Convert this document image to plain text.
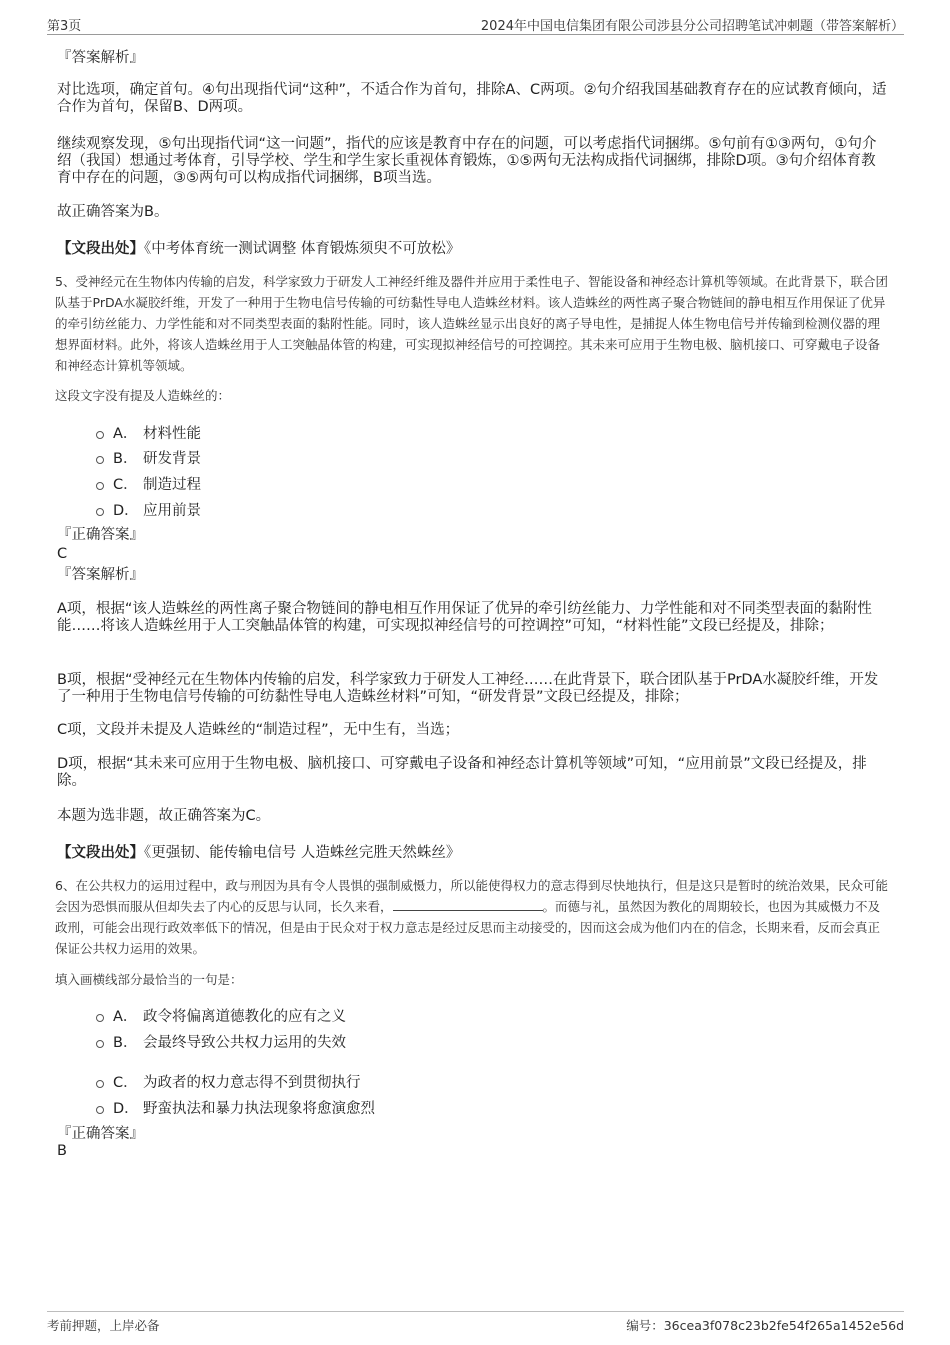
第3页	2024年中国电信集团有限公司涉县分公司招聘笔试冲刺题（带答案解析）
『答案解析』
对比选项，确定首句。④句出现指代词“这种”，不适合作为首句，排除A、C两项。②句介绍我国基础教育存在的应试教育倾向，适合作为首句，保留B、D两项。
继续观察发现，⑤句出现指代词“这一问题”，指代的应该是教育中存在的问题，可以考虑指代词捆绑。⑤句前有①③两句，①句介绍（我国）想通过考体育，引导学校、学生和学生家长重视体育锻炼，①⑤两句无法构成指代词捆绑，排除D项。③句介绍体育教育中存在的问题，③⑤两句可以构成指代词捆绑，B项当选。
故正确答案为B。
【文段出处】《中考体育统一测试调整 体育锻炼须臾不可放松》
5、受神经元在生物体内传输的启发，科学家致力于研发人工神经纤维及器件并应用于柔性电子、智能设备和神经态计算机等领域。在此背景下，联合团队基于PrDA水凝胶纤维，开发了一种用于生物电信号传输的可纺黏性导电人造蛛丝材料。该人造蛛丝的两性离子聚合物链间的静电相互作用保证了优异的牵引纺丝能力、力学性能和对不同类型表面的黏附性能。同时，该人造蛛丝显示出良好的离子导电性，是捕捉人体生物电信号并传输到检测仪器的理想界面材料。此外，将该人造蛛丝用于人工突触晶体管的构建，可实现拟神经信号的可控调控。其未来可应用于生物电极、脑机接口、可穿戴电子设备和神经态计算机等领域。
这段文字没有提及人造蛛丝的：
A． 材料性能
B． 研发背景
C． 制造过程
D． 应用前景
『正确答案』
C
『答案解析』
A项，根据“该人造蛛丝的两性离子聚合物链间的静电相互作用保证了优异的牵引纺丝能力、力学性能和对不同类型表面的黏附性能……将该人造蛛丝用于人工突触晶体管的构建，可实现拟神经信号的可控调控”可知，“材料性能”文段已经提及，排除；
B项，根据“受神经元在生物体内传输的启发，科学家致力于研发人工神经……在此背景下，联合团队基于PrDA水凝胶纤维，开发了一种用于生物电信号传输的可纺黏性导电人造蛛丝材料”可知，“研发背景”文段已经提及，排除；
C项，文段并未提及人造蛛丝的“制造过程”，无中生有，当选；
D项，根据“其未来可应用于生物电极、脑机接口、可穿戴电子设备和神经态计算机等领域”可知，“应用前景”文段已经提及，排除。
本题为选非题，故正确答案为C。
【文段出处】《更强韧、能传输电信号 人造蛛丝完胜天然蛛丝》
6、在公共权力的运用过程中，政与刑因为具有令人畏惧的强制威慑力，所以能使得权力的意志得到尽快地执行，但是这只是暂时的统治效果，民众可能会因为恐惧而服从但却失去了内心的反思与认同，长久来看，	。而德与礼，虽然因为教化的周期较长，也因为其威慑力不及政刑，可能会出现行政效率低下的情况，但是由于民众对于权力意志是经过反思而主动接受的，因而这会成为他们内在的信念，长期来看，反而会真正保证公共权力运用的效果。
填入画横线部分最恰当的一句是：
A． 政令将偏离道德教化的应有之义
B． 会最终导致公共权力运用的失效
C． 为政者的权力意志得不到贯彻执行
D． 野蛮执法和暴力执法现象将愈演愈烈
『正确答案』
B
考前押题，上岸必备	编号：36cea3f078c23b2fe54f265a1452e56d
